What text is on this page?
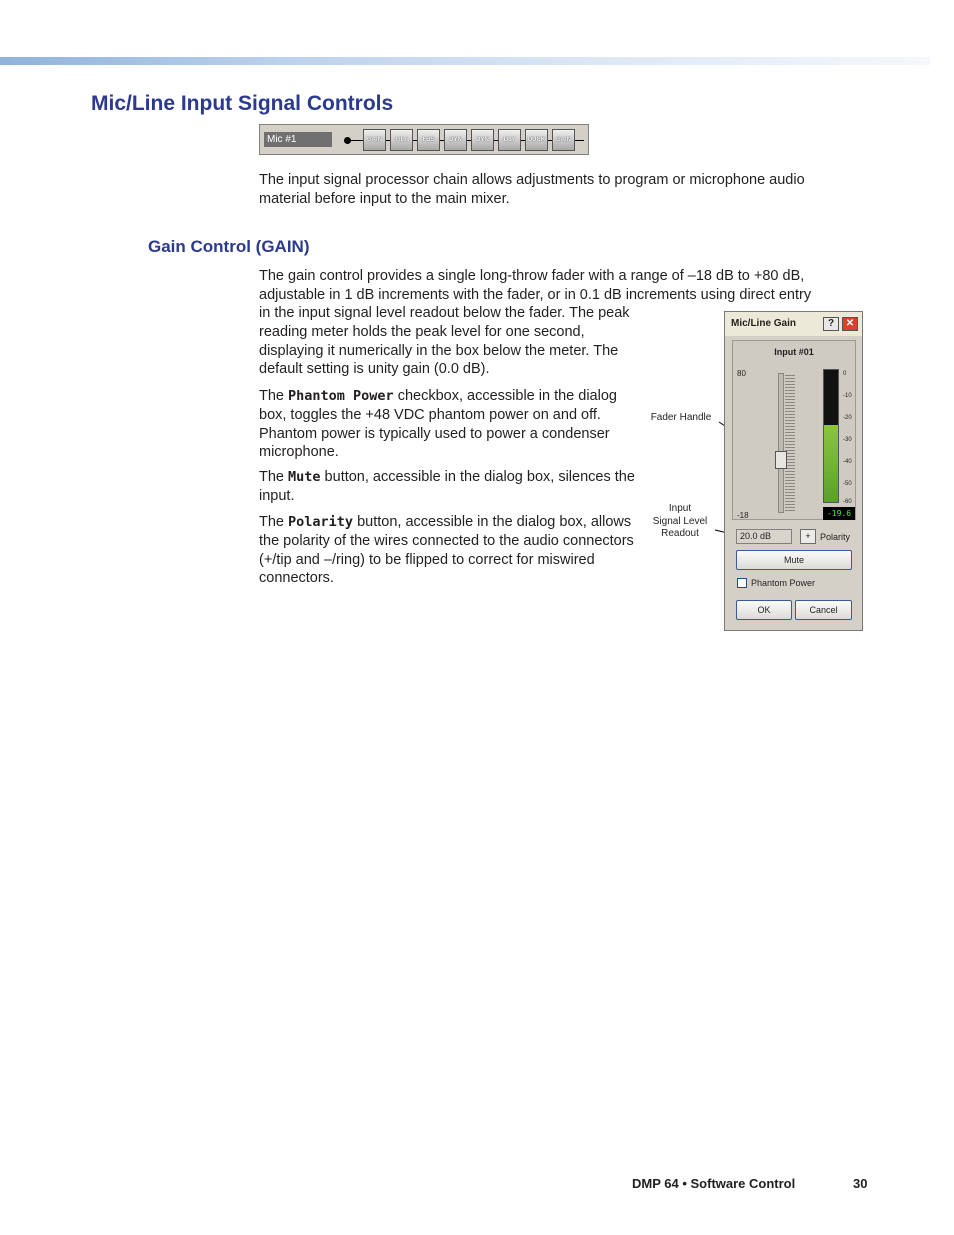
Mic/Line Input Signal Controls
Mic #1	GAIN	FILT	FBS	DYN	DYN	DLY	DUCK	GAIN

The input signal processor chain allows adjustments to program or microphone audio material before input to the main mixer.

Gain Control (GAIN)

The gain control provides a single long-throw fader with a range of –18 dB to +80 dB, adjustable in 1 dB increments with the fader, or in 0.1 dB increments using direct entry

in the input signal level readout below the fader. The peak reading meter holds the peak level for one second, displaying it numerically in the box below the meter. The default setting is unity gain (0.0 dB).

The Phantom Power checkbox, accessible in the dialog box, toggles the +48 VDC phantom power on and off. Phantom power is typically used to power a condenser microphone.

The Mute button, accessible in the dialog box, silences the input.

The Polarity button, accessible in the dialog box, allows the polarity of the wires connected to the audio connectors (+/tip and –/ring) to be flipped to correct for miswired connectors.

Fader Handle
Input
Signal Level
Readout
Mic/Line Gain	?	✕
Input #01
80
-18
0
-10
-20
-30
-40
-50
-60
-19.6
20.0 dB	+	Polarity
Mute
Phantom Power
OK	Cancel
DMP 64 • Software Control	30
